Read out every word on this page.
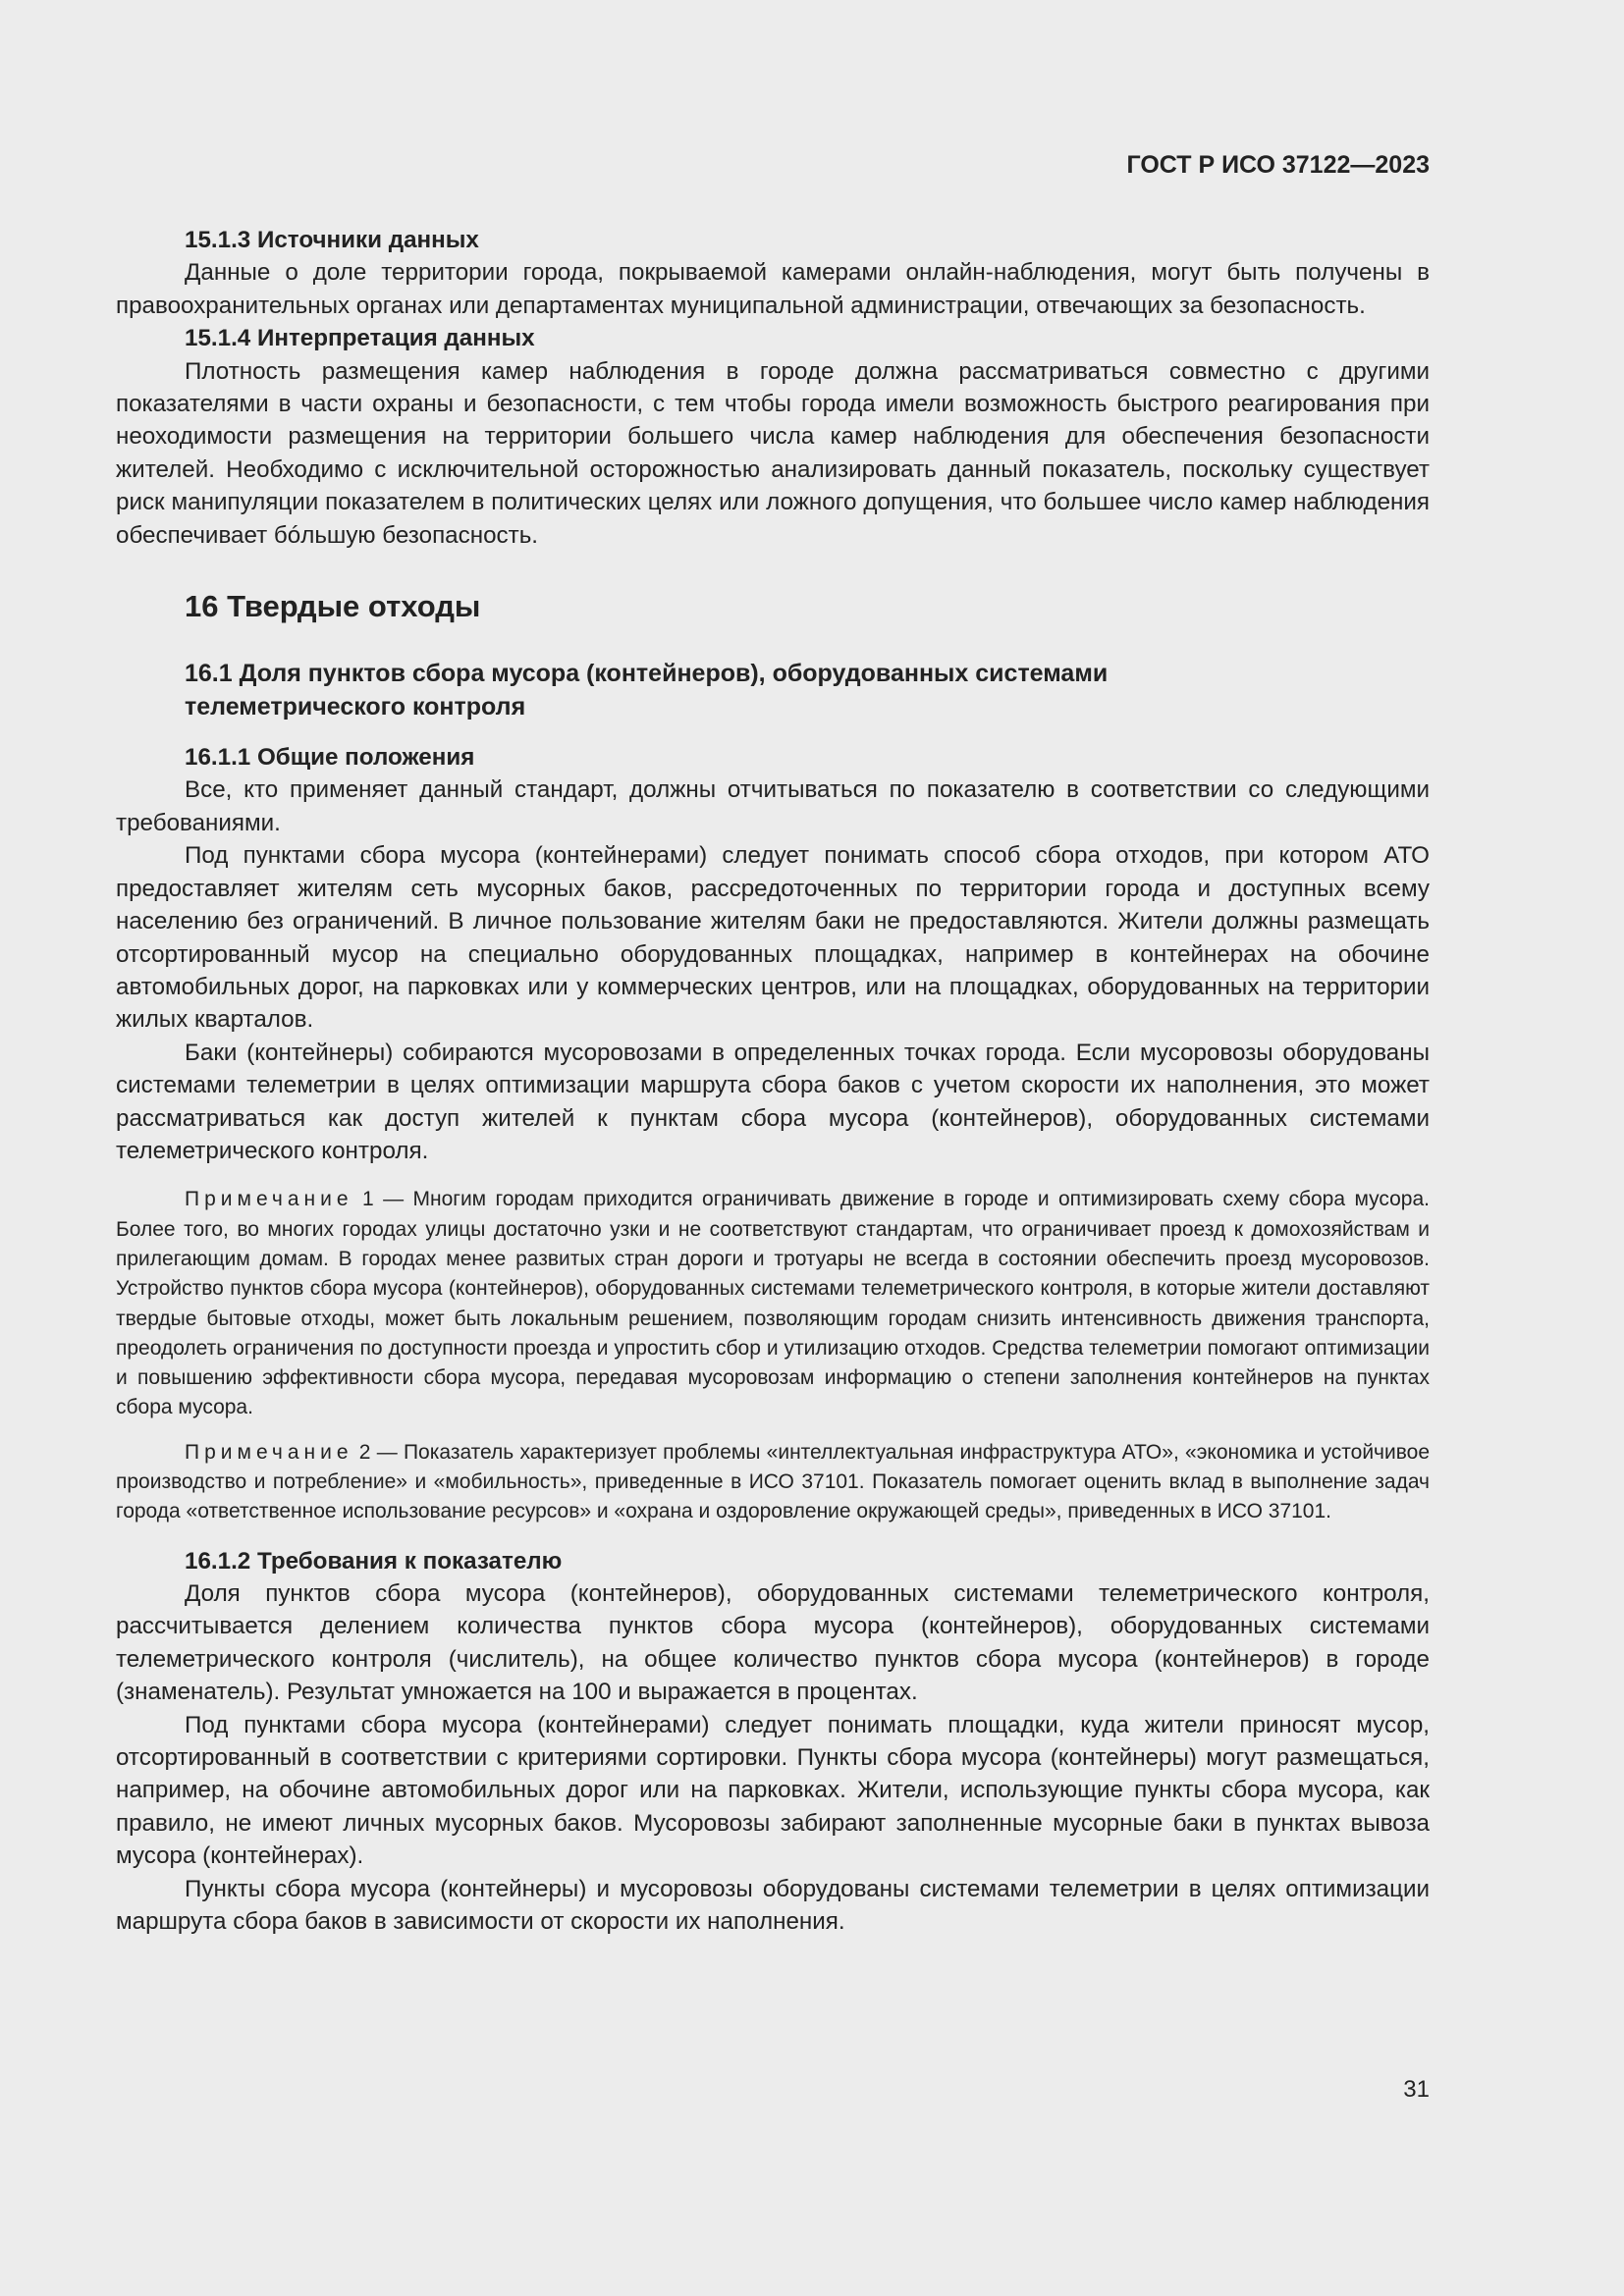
ГОСТ Р ИСО 37122—2023
15.1.3 Источники данных

Данные о доле территории города, покрываемой камерами онлайн-наблюдения, могут быть получены в правоохранительных органах или департаментах муниципальной администрации, отвечающих за безопасность.

15.1.4 Интерпретация данных

Плотность размещения камер наблюдения в городе должна рассматриваться совместно с другими показателями в части охраны и безопасности, с тем чтобы города имели возможность быстрого реагирования при неоходимости размещения на территории большего числа камер наблюдения для обеспечения безопасности жителей. Необходимо с исключительной осторожностью анализировать данный показатель, поскольку существует риск манипуляции показателем в политических целях или ложного допущения, что большее число камер наблюдения обеспечивает бóльшую безопасность.

16 Твердые отходы
16.1 Доля пунктов сбора мусора (контейнеров), оборудованных системами телеметрического контроля
16.1.1 Общие положения

Все, кто применяет данный стандарт, должны отчитываться по показателю в соответствии со следующими требованиями.

Под пунктами сбора мусора (контейнерами) следует понимать способ сбора отходов, при котором АТО предоставляет жителям сеть мусорных баков, рассредоточенных по территории города и доступных всему населению без ограничений. В личное пользование жителям баки не предоставляются. Жители должны размещать отсортированный мусор на специально оборудованных площадках, например в контейнерах на обочине автомобильных дорог, на парковках или у коммерческих центров, или на площадках, оборудованных на территории жилых кварталов.

Баки (контейнеры) собираются мусоровозами в определенных точках города. Если мусоровозы оборудованы системами телеметрии в целях оптимизации маршрута сбора баков с учетом скорости их наполнения, это может рассматриваться как доступ жителей к пунктам сбора мусора (контейнеров), оборудованных системами телеметрического контроля.

Примечание 1 — Многим городам приходится ограничивать движение в городе и оптимизировать схему сбора мусора. Более того, во многих городах улицы достаточно узки и не соответствуют стандартам, что ограничивает проезд к домохозяйствам и прилегающим домам. В городах менее развитых стран дороги и тротуары не всегда в состоянии обеспечить проезд мусоровозов. Устройство пунктов сбора мусора (контейнеров), оборудованных системами телеметрического контроля, в которые жители доставляют твердые бытовые отходы, может быть локальным решением, позволяющим городам снизить интенсивность движения транспорта, преодолеть ограничения по доступности проезда и упростить сбор и утилизацию отходов. Средства телеметрии помогают оптимизации и повышению эффективности сбора мусора, передавая мусоровозам информацию о степени заполнения контейнеров на пунктах сбора мусора.
Примечание 2 — Показатель характеризует проблемы «интеллектуальная инфраструктура АТО», «экономика и устойчивое производство и потребление» и «мобильность», приведенные в ИСО 37101. Показатель помогает оценить вклад в выполнение задач города «ответственное использование ресурсов» и «охрана и оздоровление окружающей среды», приведенных в ИСО 37101.
16.1.2 Требования к показателю

Доля пунктов сбора мусора (контейнеров), оборудованных системами телеметрического контроля, рассчитывается делением количества пунктов сбора мусора (контейнеров), оборудованных системами телеметрического контроля (числитель), на общее количество пунктов сбора мусора (контейнеров) в городе (знаменатель). Результат умножается на 100 и выражается в процентах.

Под пунктами сбора мусора (контейнерами) следует понимать площадки, куда жители приносят мусор, отсортированный в соответствии с критериями сортировки. Пункты сбора мусора (контейнеры) могут размещаться, например, на обочине автомобильных дорог или на парковках. Жители, использующие пункты сбора мусора, как правило, не имеют личных мусорных баков. Мусоровозы забирают заполненные мусорные баки в пунктах вывоза мусора (контейнерах).

Пункты сбора мусора (контейнеры) и мусоровозы оборудованы системами телеметрии в целях оптимизации маршрута сбора баков в зависимости от скорости их наполнения.

31
